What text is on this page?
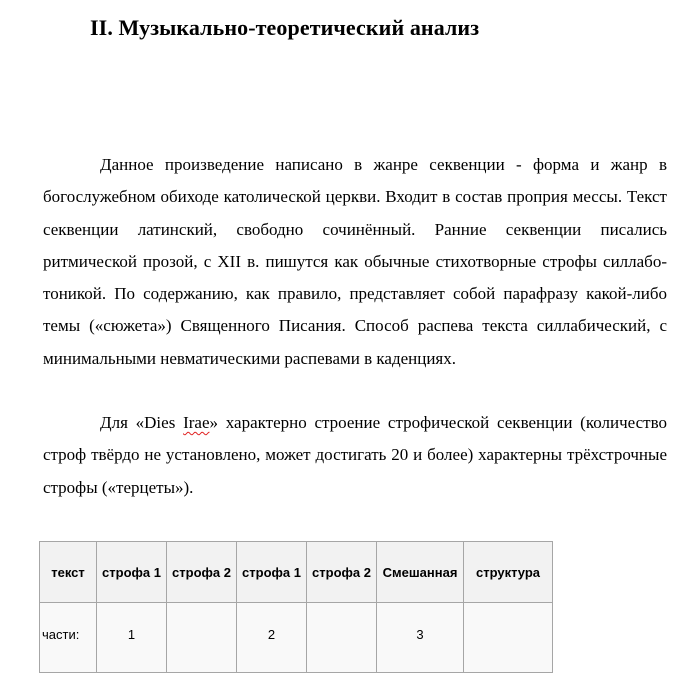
II. Музыкально-теоретический анализ

Данное произведение написано в жанре секвенции - форма и жанр в богослужебном обиходе католической церкви. Входит в состав проприя мессы. Текст секвенции латинский, свободно сочинённый. Ранние секвенции писались ритмической прозой, с XII в. пишутся как обычные стихотворные строфы силлабо-тоникой. По содержанию, как правило, представляет собой парафразу какой-либо темы («сюжета») Священного Писания. Способ распева текста силлабический, с минимальными невматическими распевами в каденциях.

Для «Dies Irae» характерно строение строфической секвенции (количество строф твёрдо не установлено, может достигать 20 и более) характерны трёхстрочные строфы («терцеты»).

текст	строфа 1	строфа 2	строфа 1	строфа 2	Смешанная	структура
части:	1		2		3	
